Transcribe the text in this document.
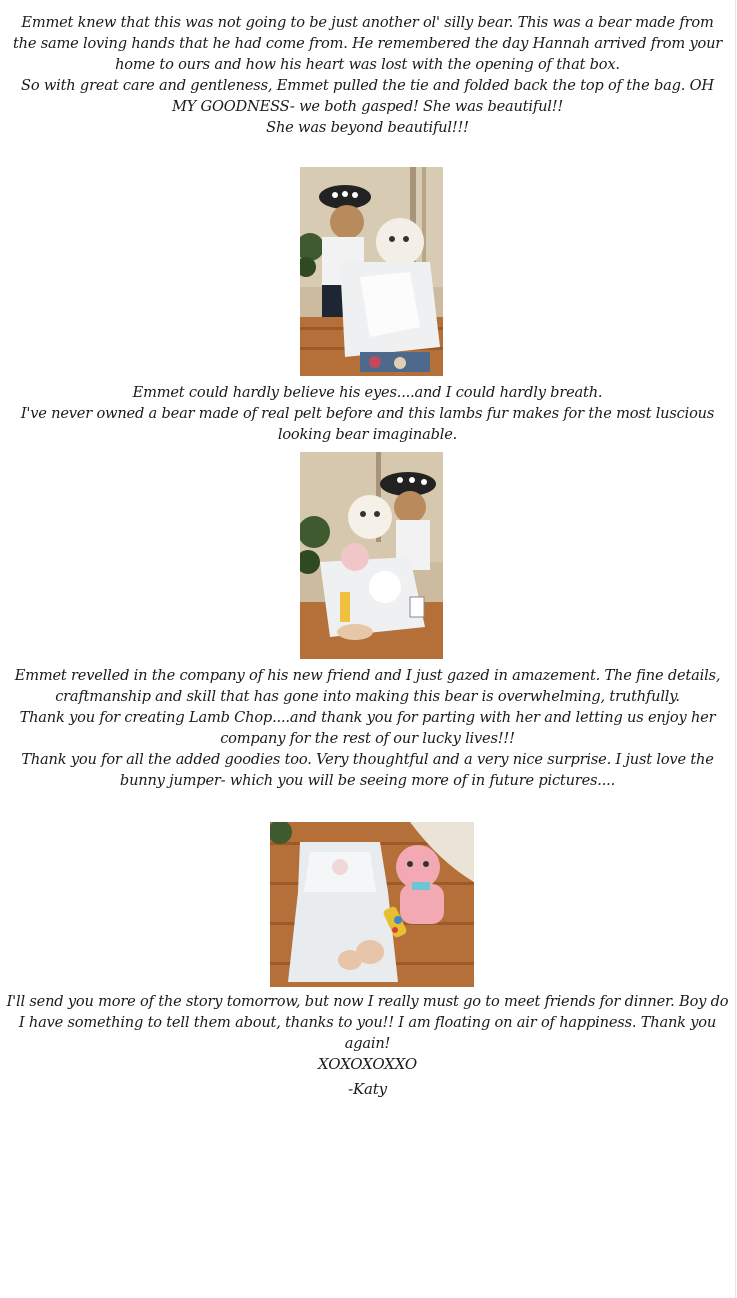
Emmet knew that this was not going to be just another ol' silly bear. This was a bear made from the same loving hands that he had come from. He remembered the day Hannah arrived from your home to ours and how his heart was lost with the opening of that box.

So with great care and gentleness, Emmet pulled the tie and folded back the top of the bag. OH MY GOODNESS- we both gasped! She was beautiful!!

She was beyond beautiful!!!

Emmet could hardly believe his eyes....and I could hardly breath.

I've never owned a bear made of real pelt before and this lambs fur makes for the most luscious looking bear imaginable.

Emmet revelled in the company of his new friend and I just gazed in amazement. The fine details, craftmanship and skill that has gone into making this bear is overwhelming, truthfully.

Thank you for creating Lamb Chop....and thank you for parting with her and letting us enjoy her company for the rest of our lucky lives!!!

Thank you for all the added goodies too. Very thoughtful and a very nice surprise. I just love the bunny jumper- which you will be seeing more of in future pictures....

I'll send you more of the story tomorrow, but now I really must go to meet friends for dinner. Boy do I have something to tell them about, thanks to you!! I am floating on air of happiness. Thank you again!

XOXOXOXXO

-Katy
